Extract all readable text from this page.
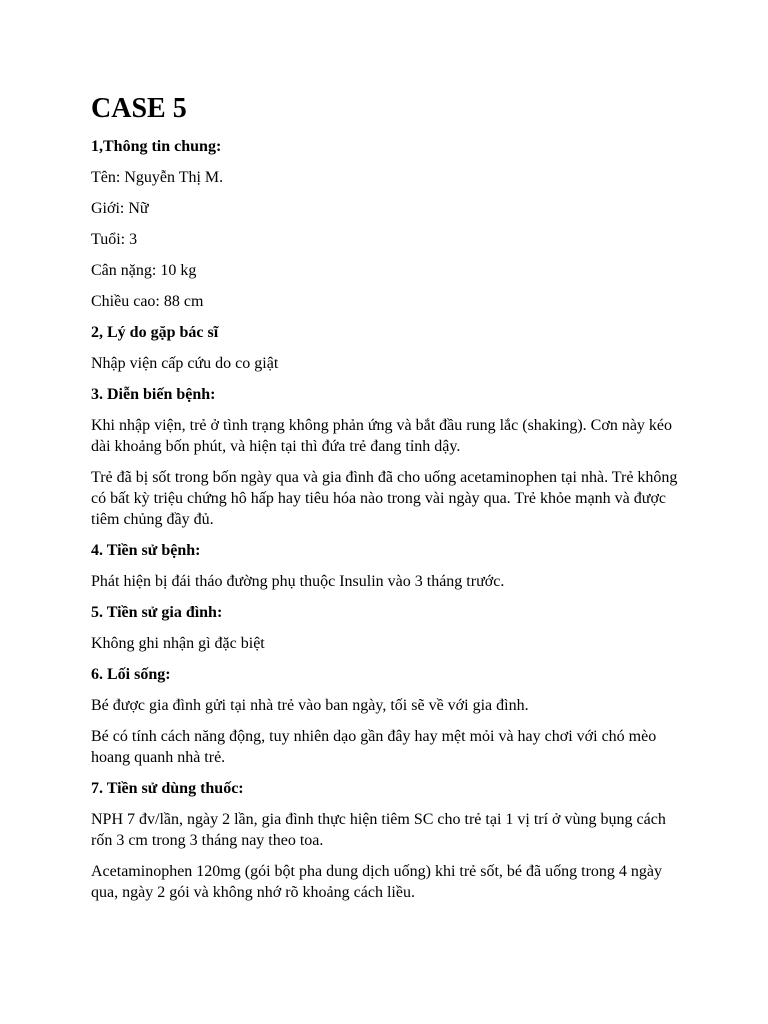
CASE 5
1,Thông tin chung:
Tên: Nguyễn Thị M.
Giới: Nữ
Tuổi: 3
Cân nặng: 10 kg
Chiều cao: 88 cm
2, Lý do gặp bác sĩ
Nhập viện cấp cứu do co giật
3. Diễn biến bệnh:
Khi nhập viện, trẻ ở tình trạng không phản ứng và bắt đầu rung lắc (shaking). Cơn này kéo dài khoảng bốn phút, và hiện tại thì đứa trẻ đang tỉnh dậy.
Trẻ đã bị sốt trong bốn ngày qua và gia đình đã cho uống acetaminophen tại nhà. Trẻ không có bất kỳ triệu chứng hô hấp hay tiêu hóa nào trong vài ngày qua. Trẻ khỏe mạnh và được tiêm chủng đầy đủ.
4. Tiền sử bệnh:
Phát hiện bị đái tháo đường phụ thuộc Insulin vào 3 tháng trước.
5. Tiền sử gia đình:
Không ghi nhận gì đặc biệt
6. Lối sống:
Bé được gia đình gửi tại nhà trẻ vào ban ngày, tối sẽ về với gia đình.
Bé có tính cách năng động, tuy nhiên dạo gần đây hay mệt mỏi và hay chơi với chó mèo hoang quanh nhà trẻ.
7. Tiền sử dùng thuốc:
NPH 7 đv/lần, ngày 2 lần, gia đình thực hiện tiêm SC cho trẻ tại 1 vị trí ở vùng bụng cách rốn 3 cm trong 3 tháng nay theo toa.
Acetaminophen 120mg (gói bột pha dung dịch uống) khi trẻ sốt, bé đã uống trong 4 ngày qua, ngày 2 gói và không nhớ rõ khoảng cách liều.
